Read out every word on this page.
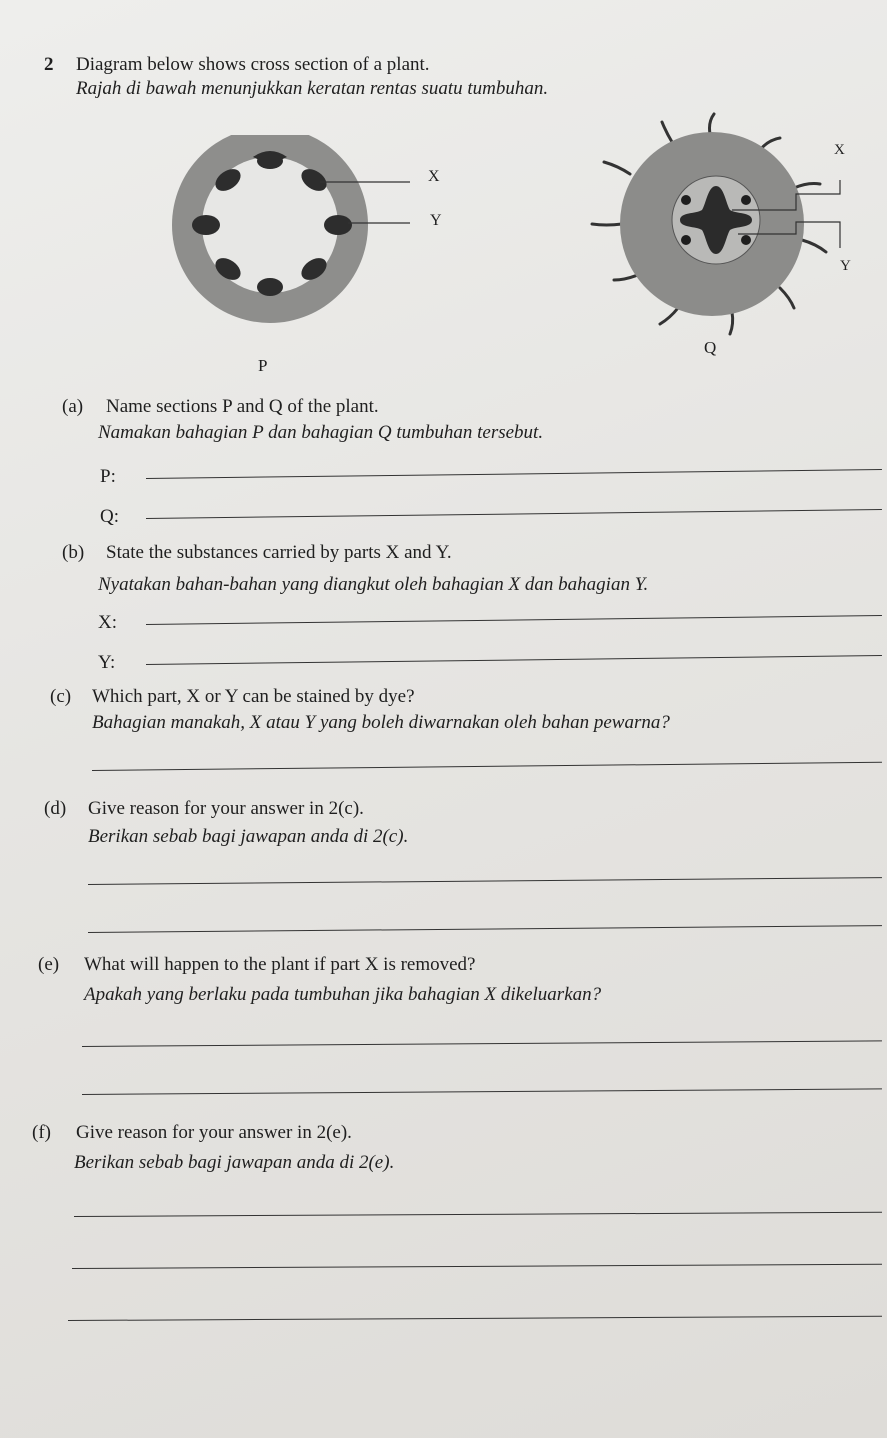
2 Diagram below shows cross section of a plant.
Rajah di bawah menunjukkan keratan rentas suatu tumbuhan.
X
Y
P
X
Y
Q
(a) Name sections P and Q of the plant.
Namakan bahagian P dan bahagian Q tumbuhan tersebut.
P:
Q:
(b) State the substances carried by parts X and Y.
Nyatakan bahan-bahan yang diangkut oleh bahagian X dan bahagian Y.
X:
Y:
(c) Which part, X or Y can be stained by dye?
Bahagian manakah, X atau Y yang boleh diwarnakan oleh bahan pewarna?
(d) Give reason for your answer in 2(c).
Berikan sebab bagi jawapan anda di 2(c).
(e) What will happen to the plant if part X is removed?
Apakah yang berlaku pada tumbuhan jika bahagian X dikeluarkan?
(f) Give reason for your answer in 2(e).
Berikan sebab bagi jawapan anda di 2(e).
